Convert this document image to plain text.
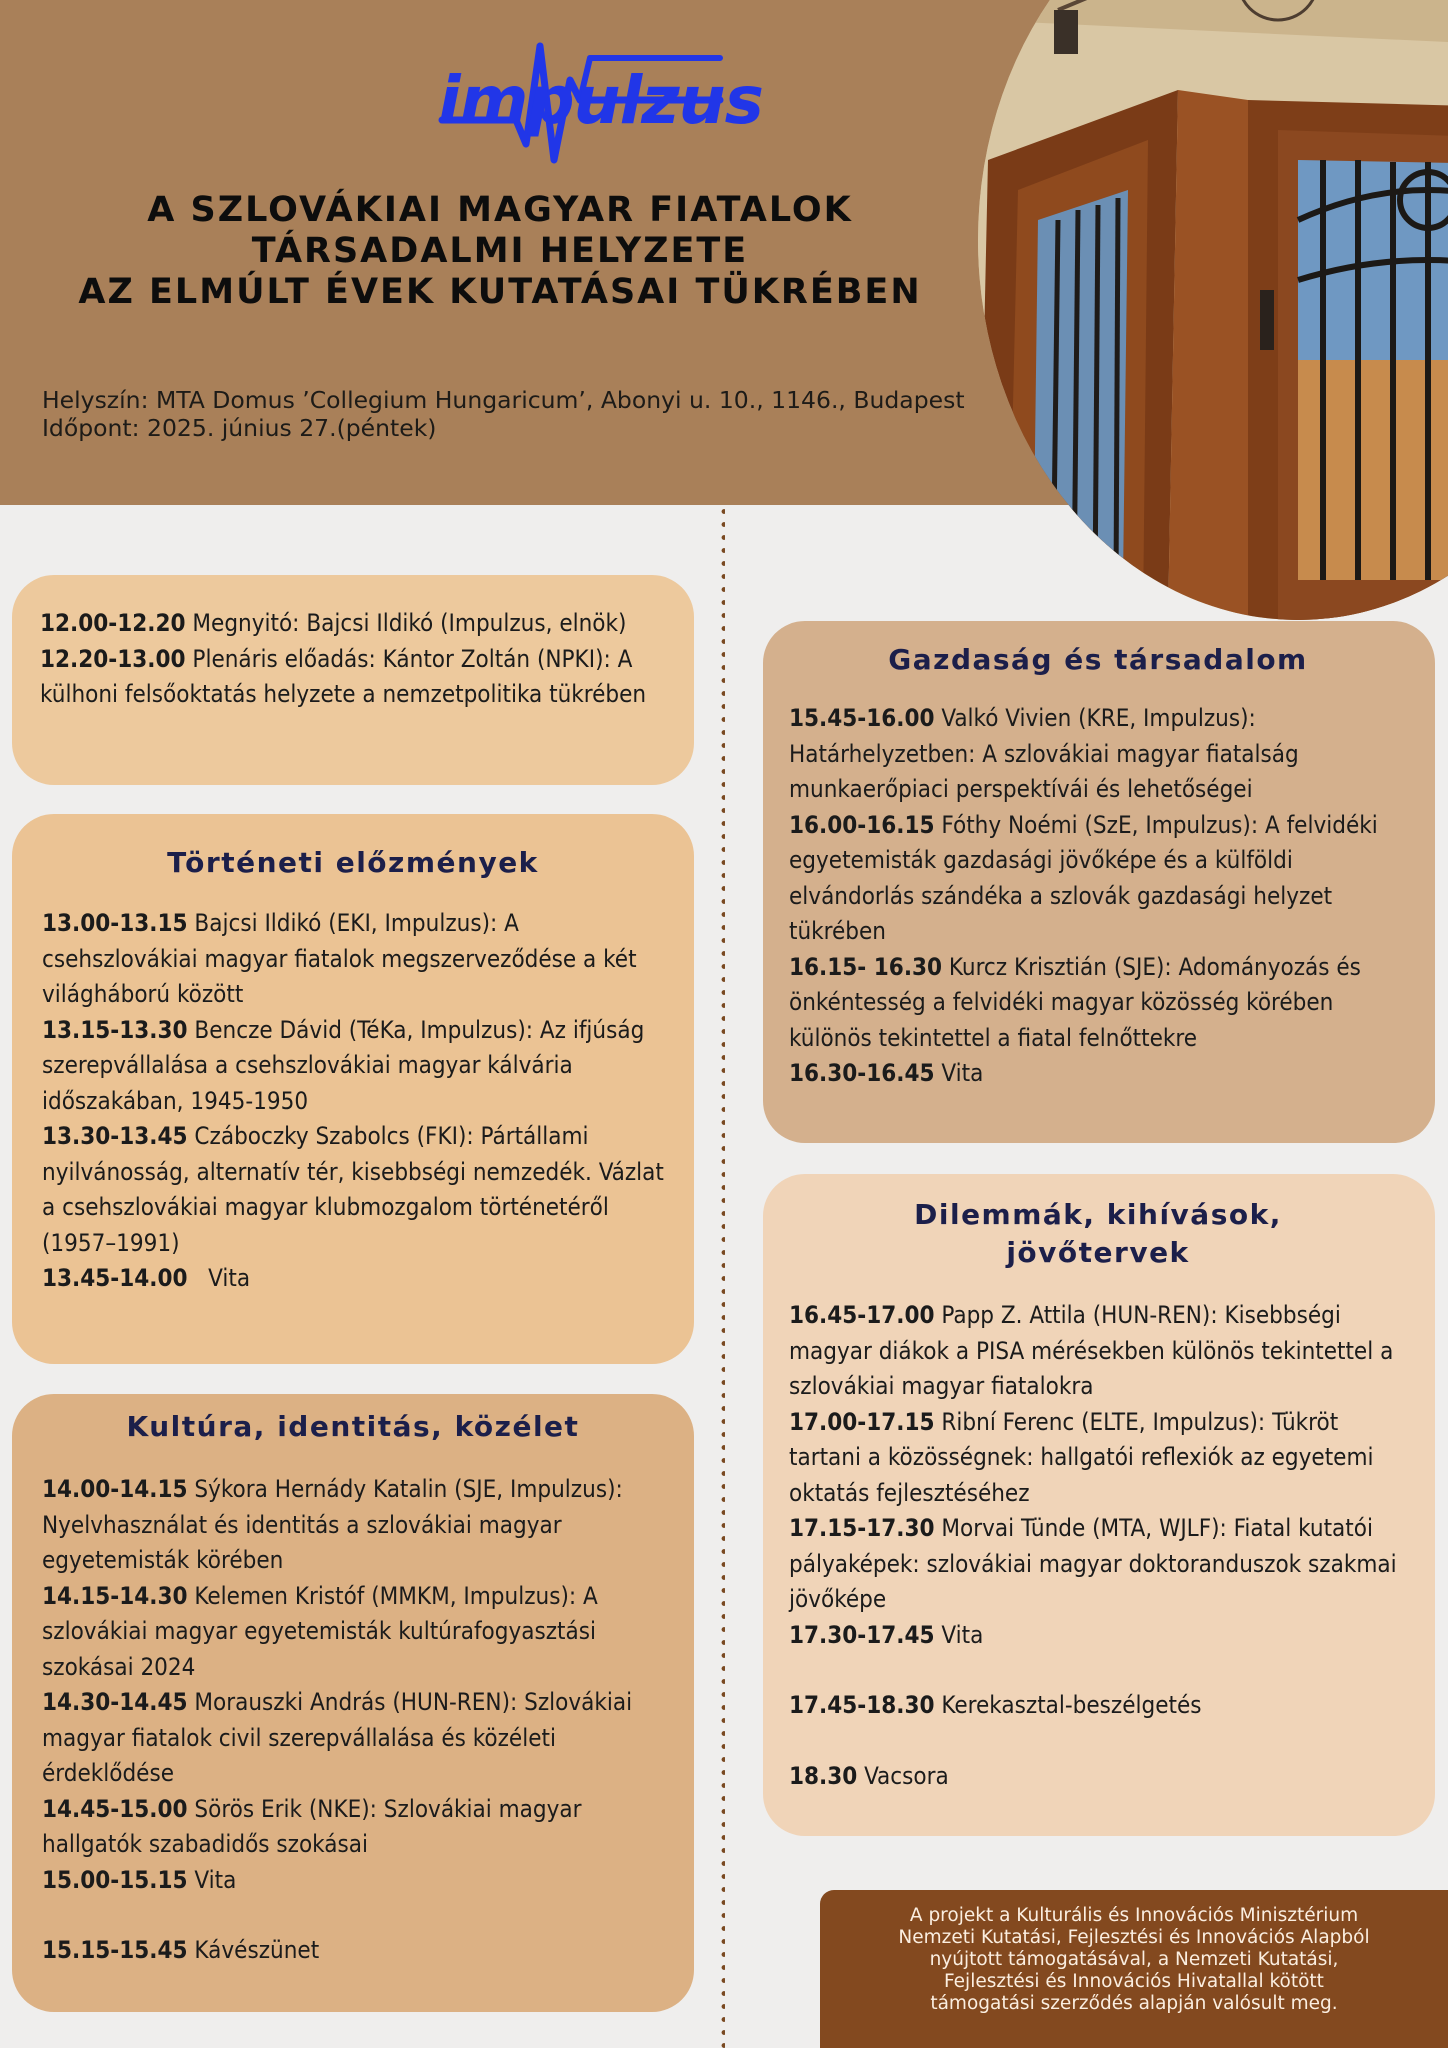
impulzus
A SZLOVÁKIAI MAGYAR FIATALOK
TÁRSADALMI HELYZETE
AZ ELMÚLT ÉVEK KUTATÁSAI TÜKRÉBEN
Helyszín: MTA Domus ’Collegium Hungaricum’, Abonyi u. 10., 1146., Budapest
Időpont: 2025. június 27.(péntek)
12.00-12.20 Megnyitó: Bajcsi Ildikó (Impulzus, elnök)
12.20-13.00 Plenáris előadás: Kántor Zoltán (NPKI): A külhoni felsőoktatás helyzete a nemzetpolitika tükrében
Történeti előzmények
13.00-13.15 Bajcsi Ildikó (EKI, Impulzus): A csehszlovákiai magyar fiatalok megszerveződése a két világháború között
13.15-13.30 Bencze Dávid (TéKa, Impulzus): Az ifjúság szerepvállalása a csehszlovákiai magyar kálvária időszakában, 1945-1950
13.30-13.45 Czáboczky Szabolcs (FKI): Pártállami nyilvánosság, alternatív tér, kisebbségi nemzedék. Vázlat a csehszlovákiai magyar klubmozgalom történetéről (1957–1991)
13.45-14.00   Vita
Kultúra, identitás, közélet
14.00-14.15 Sýkora Hernády Katalin (SJE, Impulzus): Nyelvhasználat és identitás a szlovákiai magyar egyetemisták körében
14.15-14.30 Kelemen Kristóf (MMKM, Impulzus): A szlovákiai magyar egyetemisták kultúrafogyasztási szokásai 2024
14.30-14.45 Morauszki András (HUN-REN): Szlovákiai magyar fiatalok civil szerepvállalása és közéleti érdeklődése
14.45-15.00 Sörös Erik (NKE): Szlovákiai magyar hallgatók szabadidős szokásai
15.00-15.15 Vita
15.15-15.45 Kávészünet
Gazdaság és társadalom
15.45-16.00 Valkó Vivien (KRE, Impulzus): Határhelyzetben: A szlovákiai magyar fiatalság munkaerőpiaci perspektívái és lehetőségei
16.00-16.15 Fóthy Noémi (SzE, Impulzus): A felvidéki egyetemisták gazdasági jövőképe és a külföldi elvándorlás szándéka a szlovák gazdasági helyzet tükrében
16.15- 16.30 Kurcz Krisztián (SJE): Adományozás és önkéntesség a felvidéki magyar közösség körében különös tekintettel a fiatal felnőttekre
16.30-16.45 Vita
Dilemmák, kihívások,
jövőtervek
16.45-17.00 Papp Z. Attila (HUN-REN): Kisebbségi magyar diákok a PISA mérésekben különös tekintettel a szlovákiai magyar fiatalokra
17.00-17.15 Ribní Ferenc (ELTE, Impulzus): Tükröt tartani a közösségnek: hallgatói reflexiók az egyetemi oktatás fejlesztéséhez
17.15-17.30 Morvai Tünde (MTA, WJLF): Fiatal kutatói pályaképek: szlovákiai magyar doktoranduszok szakmai jövőképe
17.30-17.45 Vita
17.45-18.30 Kerekasztal-beszélgetés
18.30 Vacsora
A projekt a Kulturális és Innovációs Minisztérium
Nemzeti Kutatási, Fejlesztési és Innovációs Alapból
nyújtott támogatásával, a Nemzeti Kutatási,
Fejlesztési és Innovációs Hivatallal kötött
támogatási szerződés alapján valósult meg.
